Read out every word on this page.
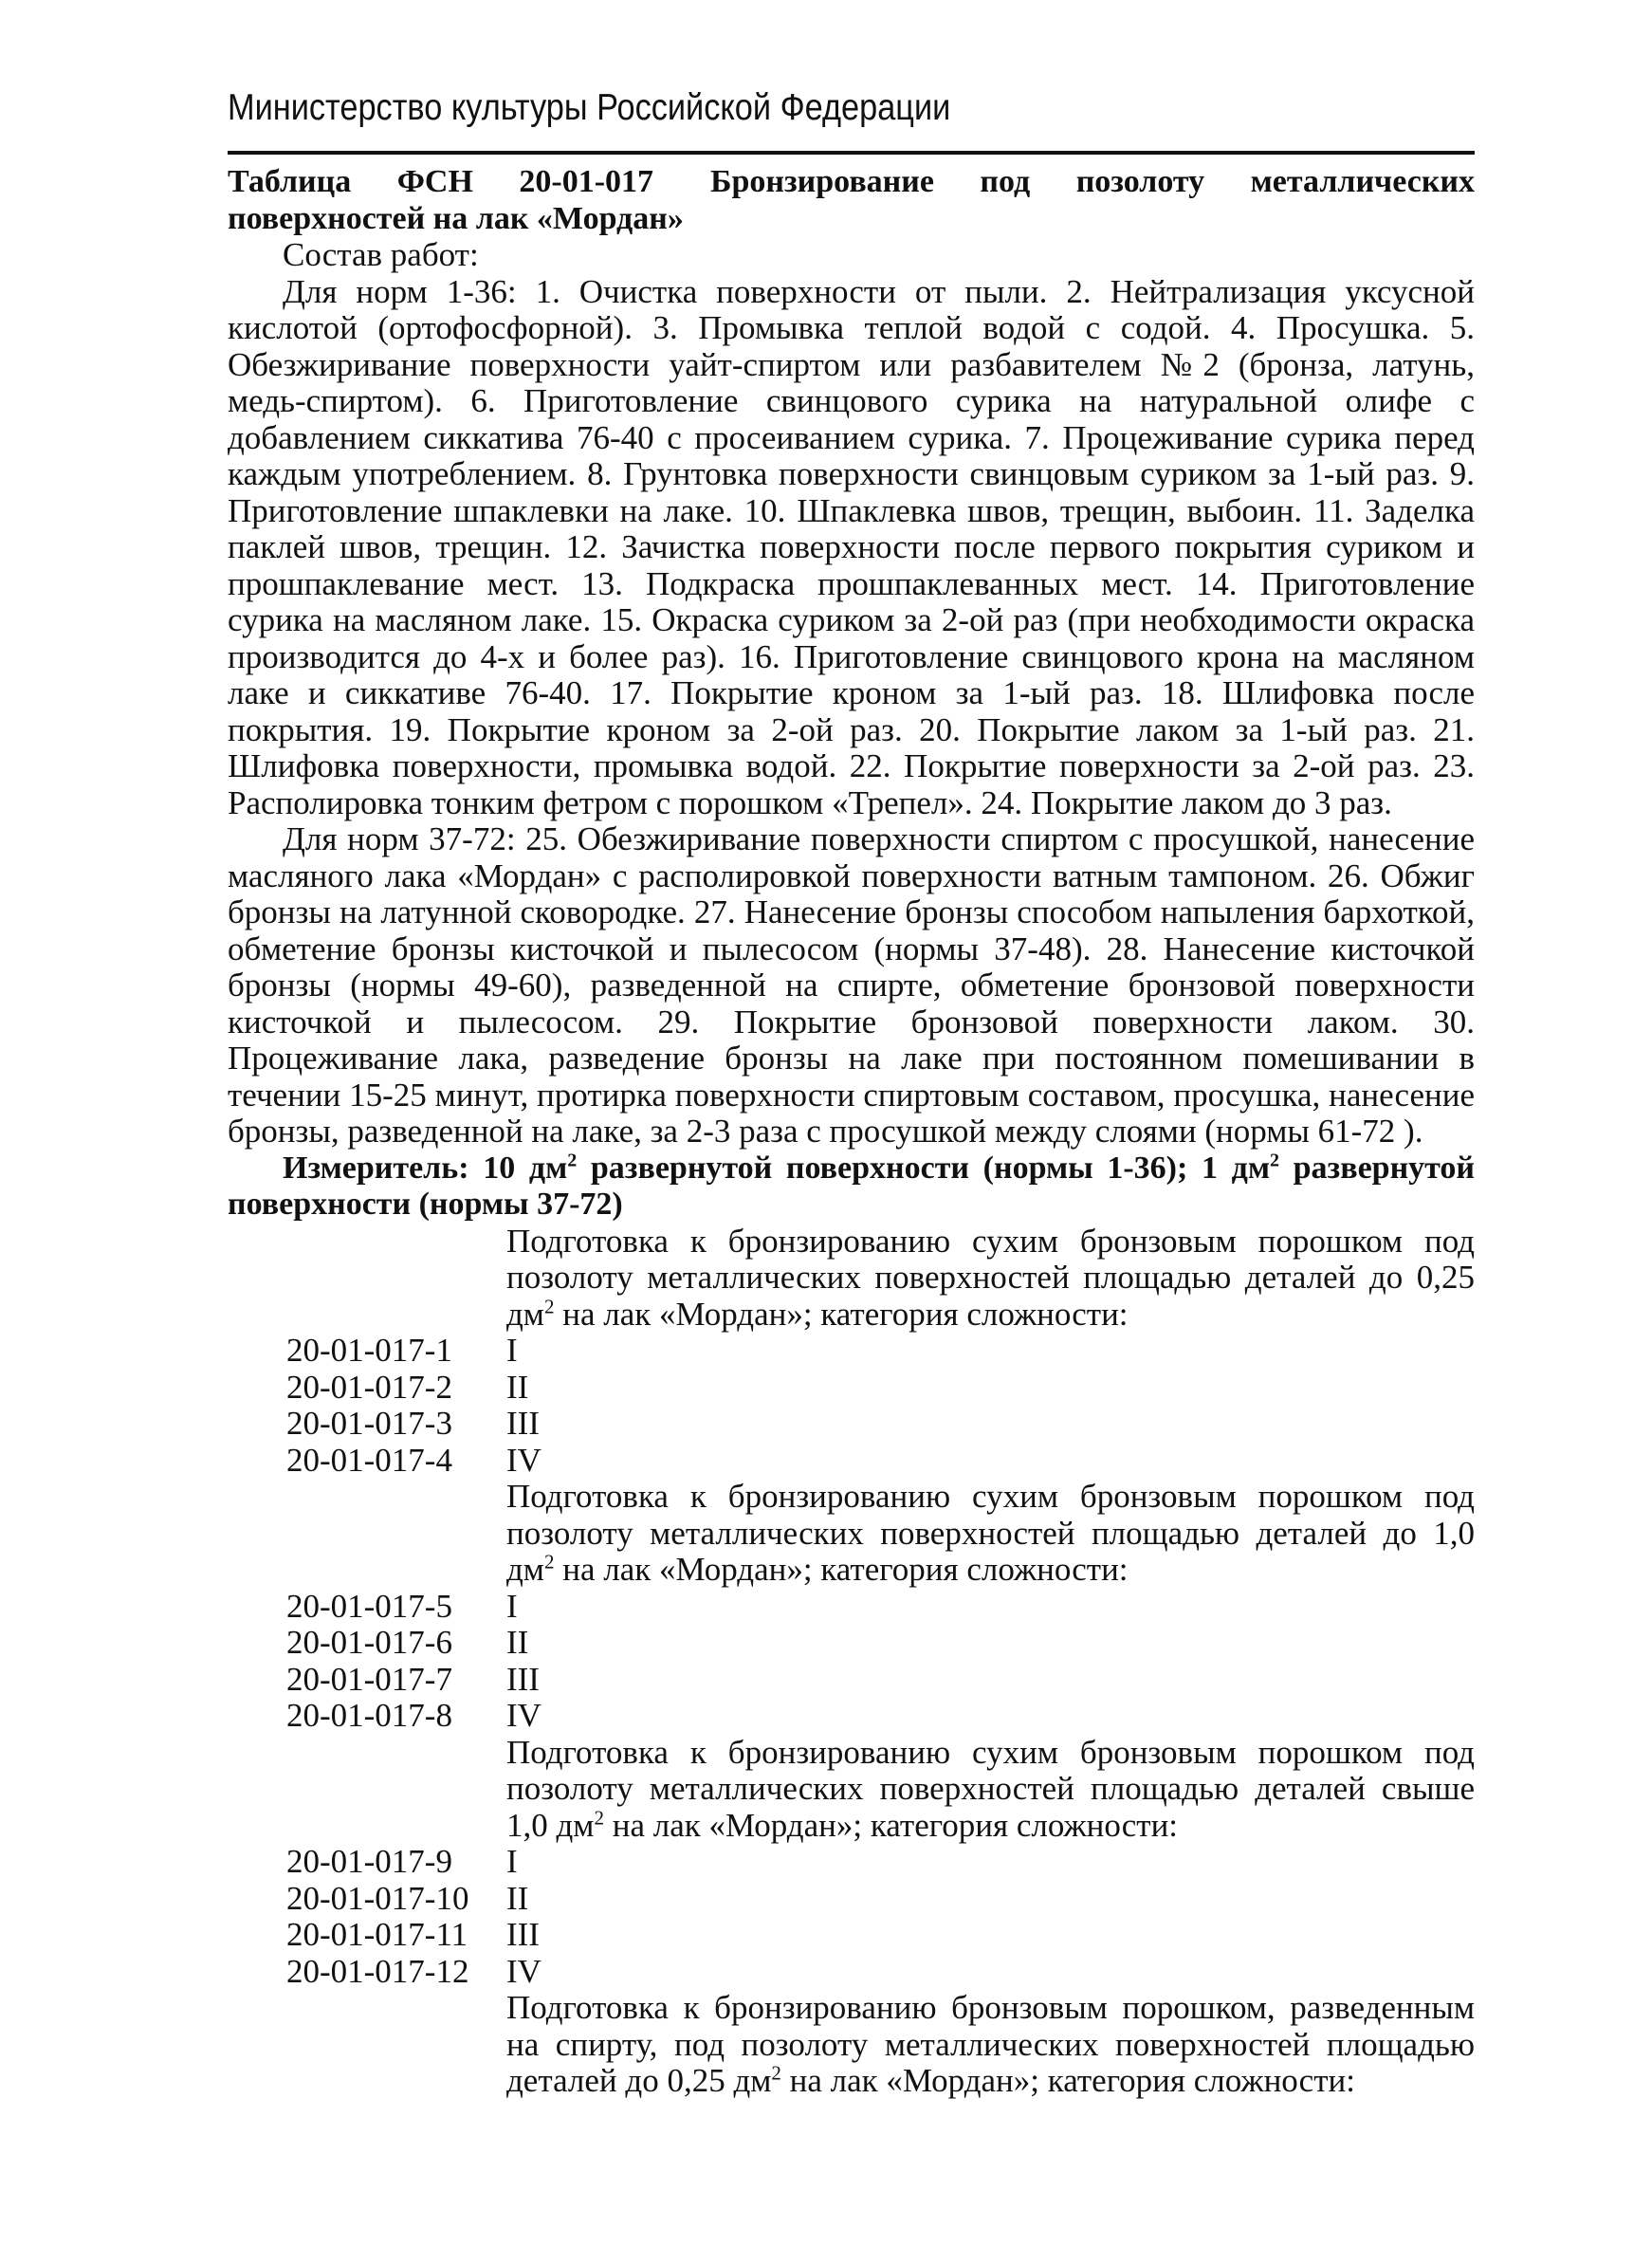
Министерство культуры Российской Федерации

Таблица ФСН 20-01-017 Бронзирование под позолоту металлических поверхностей на лак «Мордан»

Состав работ:

Для норм 1-36: 1. Очистка поверхности от пыли. 2. Нейтрализация уксусной кислотой (ортофосфорной). 3. Промывка теплой водой с содой. 4. Просушка. 5. Обезжиривание поверхности уайт-спиртом или разбавителем №2 (бронза, латунь, медь-спиртом). 6. Приготовление свинцового сурика на натуральной олифе с добавлением сиккатива 76-40 с просеиванием сурика. 7. Процеживание сурика перед каждым употреблением. 8. Грунтовка поверхности свинцовым суриком за 1-ый раз. 9. Приготовление шпаклевки на лаке. 10. Шпаклевка швов, трещин, выбоин. 11. Заделка паклей швов, трещин. 12. Зачистка поверхности после первого покрытия суриком и прошпаклевание мест. 13. Подкраска прошпаклеванных мест. 14. Приготовление сурика на масляном лаке. 15. Окраска суриком за 2-ой раз (при необходимости окраска производится до 4-х и более раз). 16. Приготовление свинцового крона на масляном лаке и сиккативе 76-40. 17. Покрытие кроном за 1-ый раз. 18. Шлифовка после покрытия. 19. Покрытие кроном за 2-ой раз. 20. Покрытие лаком за 1-ый раз. 21. Шлифовка поверхности, промывка водой. 22. Покрытие поверхности за 2-ой раз. 23. Располировка тонким фетром с порошком «Трепел». 24. Покрытие лаком до 3 раз.

Для норм 37-72: 25. Обезжиривание поверхности спиртом с просушкой, нанесение масляного лака «Мордан» с располировкой поверхности ватным тампоном. 26. Обжиг бронзы на латунной сковородке. 27. Нанесение бронзы способом напыления бархоткой, обметение бронзы кисточкой и пылесосом (нормы 37-48). 28. Нанесение кисточкой бронзы (нормы 49-60), разведенной на спирте, обметение бронзовой поверхности кисточкой и пылесосом. 29. Покрытие бронзовой поверхности лаком. 30. Процеживание лака, разведение бронзы на лаке при постоянном помешивании в течении 15-25 минут, протирка поверхности спиртовым составом, просушка, нанесение бронзы, разведенной на лаке, за 2-3 раза с просушкой между слоями (нормы 61-72 ).

Измеритель: 10 $дм^2$ развернутой поверхности (нормы 1-36); 1 $дм^2$ развернутой поверхности (нормы 37-72)

Подготовка к бронзированию сухим бронзовым порошком под позолоту металлических поверхностей площадью деталей до 0,25 $дм^2$ на лак «Мордан»; категория сложности:
20-01-017-1	I
20-01-017-2	II
20-01-017-3	III
20-01-017-4	IV
Подготовка к бронзированию сухим бронзовым порошком под позолоту металлических поверхностей площадью деталей до 1,0 $дм^2$ на лак «Мордан»; категория сложности:
20-01-017-5	I
20-01-017-6	II
20-01-017-7	III
20-01-017-8	IV
Подготовка к бронзированию сухим бронзовым порошком под позолоту металлических поверхностей площадью деталей свыше 1,0 $дм^2$ на лак «Мордан»; категория сложности:
20-01-017-9	I
20-01-017-10	II
20-01-017-11	III
20-01-017-12	IV
Подготовка к бронзированию бронзовым порошком, разведенным на спирту, под позолоту металлических поверхностей площадью деталей до 0,25 $дм^2$ на лак «Мордан»; категория сложности:
